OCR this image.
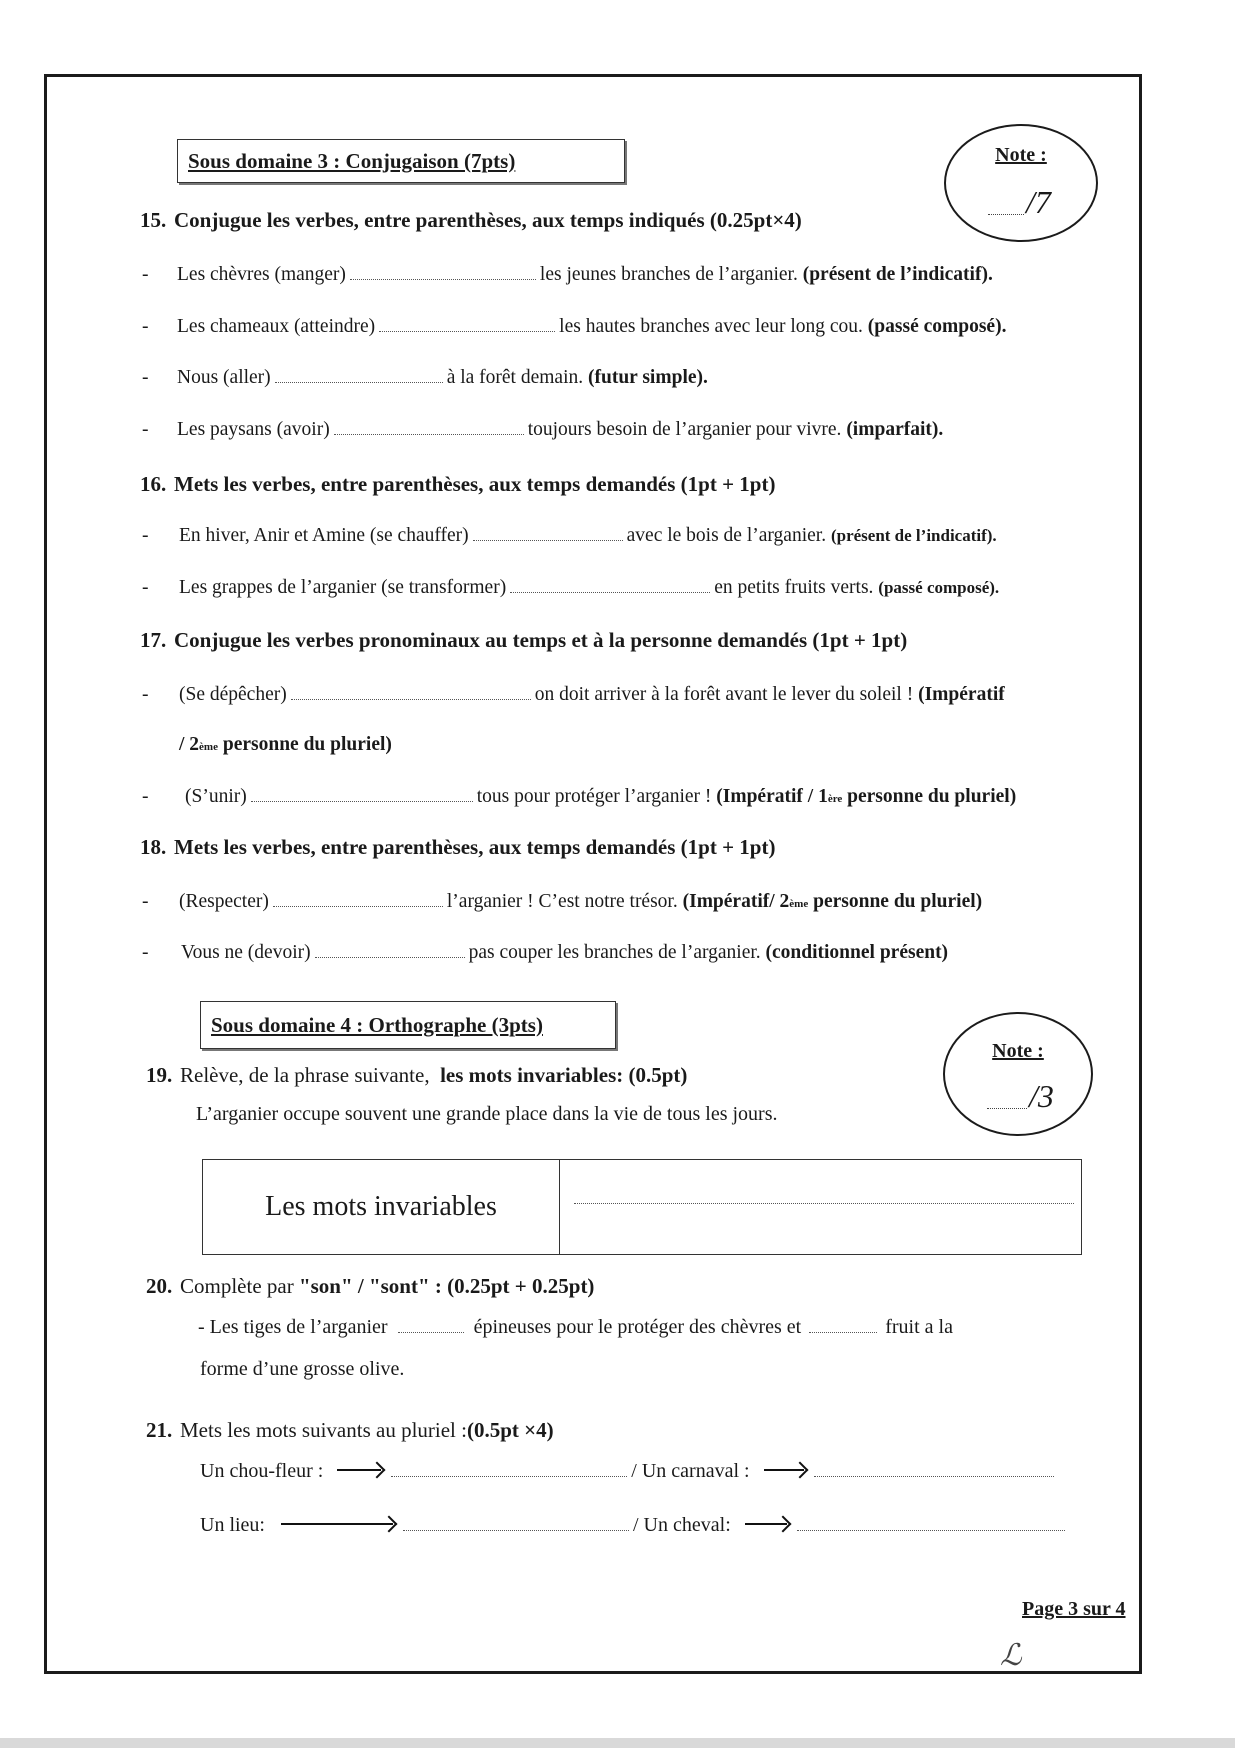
Sous domaine 3 : Conjugaison (7pts)	Note :
/7
15. Conjugue les verbes, entre parenthèses, aux temps indiqués (0.25pt×4)
- Les chèvres (manger)	les jeunes branches de l’arganier.
(présent de l’indicatif).
- Les chameaux (atteindre)	les hautes branches avec leur long cou.
(passé composé).
- Nous (aller)	à la forêt demain.
(futur simple).
- Les paysans (avoir)	toujours besoin de l’arganier pour vivre.
(imparfait).
16. Mets les verbes, entre parenthèses, aux temps demandés (1pt + 1pt)
- En hiver, Anir et Amine (se chauffer)	avec le bois de l’arganier.
(présent de l’indicatif).
- Les grappes de l’arganier (se transformer)	en petits fruits verts.
(passé composé).
17. Conjugue les verbes pronominaux au temps et à la personne demandés (1pt + 1pt)
- (Se dépêcher)	on doit arriver à la forêt avant le lever du soleil !
(Impératif
/ 2 ème
personne du pluriel)
- (S’unir)	tous pour protéger l’arganier !
(Impératif / 1 ère
personne du pluriel)
18. Mets les verbes, entre parenthèses, aux temps demandés (1pt + 1pt)
- (Respecter)	l’arganier ! C’est notre trésor.
(Impératif/ 2 ème
personne du pluriel)
- Vous ne (devoir)	pas couper les branches de l’arganier.
(conditionnel présent)
Sous domaine 4 : Orthographe (3pts)
Note :
/3
19. Relève, de la phrase suivante, les mots invariables: (0.5pt)
L’arganier occupe souvent une grande place dans la vie de tous les jours.
Les mots invariables
20. Complète par "son" / "sont" : (0.25pt + 0.25pt)
- Les tiges de l’arganier	épineuses pour le protéger des chèvres et	fruit a la
forme d’une grosse olive.
21. Mets les mots suivants au pluriel :(0.5pt ×4)
Un chou-fleur :	/ Un carnaval :
Un lieu:	/ Un cheval:
Page 3 sur 4
ℒ
